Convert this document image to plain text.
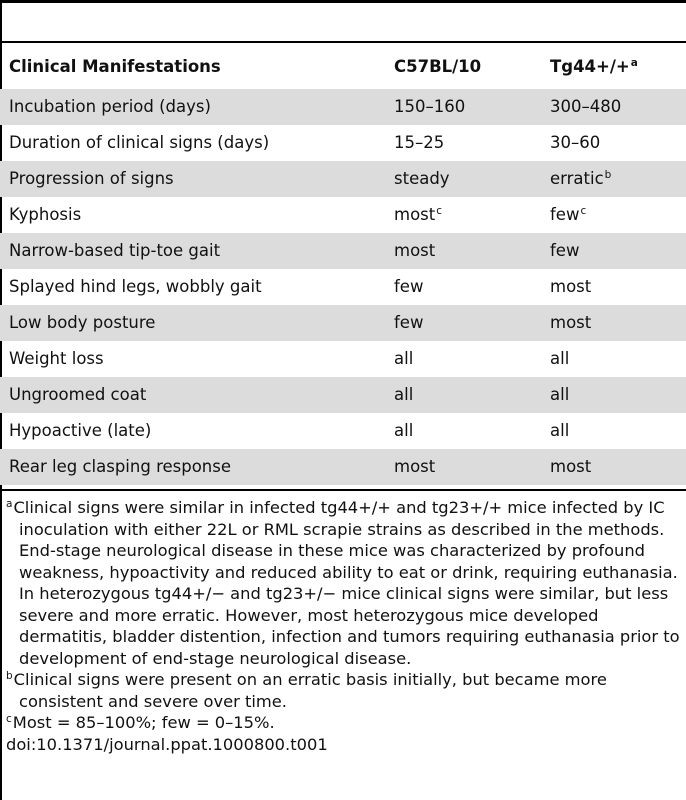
Clinical Manifestations	C57BL/10	Tg44+/+$^a$
Incubation period (days)	150–160	300–480
Duration of clinical signs (days)	15–25	30–60
Progression of signs	steady	erratic$^b$
Kyphosis	most$^c$	few$^c$
Narrow-based tip-toe gait	most	few
Splayed hind legs, wobbly gait	few	most
Low body posture	few	most
Weight loss	all	all
Ungroomed coat	all	all
Hypoactive (late)	all	all
Rear leg clasping response	most	most
$^a$Clinical signs were similar in infected tg44+/+ and tg23+/+ mice infected by IC inoculation with either 22L or RML scrapie strains as described in the methods. End-stage neurological disease in these mice was characterized by profound weakness, hypoactivity and reduced ability to eat or drink, requiring euthanasia. In heterozygous tg44+/− and tg23+/− mice clinical signs were similar, but less severe and more erratic. However, most heterozygous mice developed dermatitis, bladder distention, infection and tumors requiring euthanasia prior to development of end-stage neurological disease.
$^b$Clinical signs were present on an erratic basis initially, but became more consistent and severe over time.
$^c$Most = 85–100%; few = 0–15%.
doi:10.1371/journal.ppat.1000800.t001
